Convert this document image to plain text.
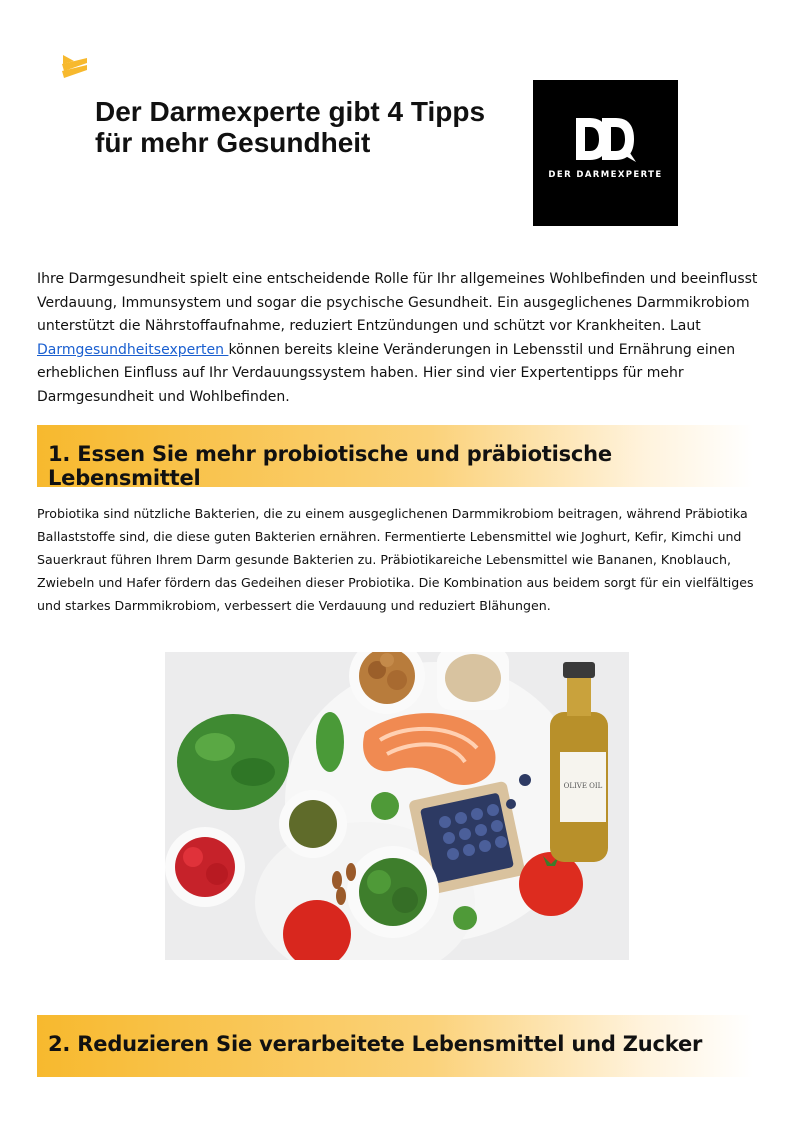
Der Darmexperte gibt 4 Tipps für mehr Gesundheit
DER DARMEXPERTE

Ihre Darmgesundheit spielt eine entscheidende Rolle für Ihr allgemeines Wohlbefinden und beeinflusst Verdauung, Immunsystem und sogar die psychische Gesundheit. Ein ausgeglichenes Darmmikrobiom unterstützt die Nährstoffaufnahme, reduziert Entzündungen und schützt vor Krankheiten. Laut Darmgesundheitsexperten können bereits kleine Veränderungen in Lebensstil und Ernährung einen erheblichen Einfluss auf Ihr Verdauungssystem haben. Hier sind vier Expertentipps für mehr Darmgesundheit und Wohlbefinden.

1. Essen Sie mehr probiotische und präbiotische Lebensmittel

Probiotika sind nützliche Bakterien, die zu einem ausgeglichenen Darmmikrobiom beitragen, während Präbiotika Ballaststoffe sind, die diese guten Bakterien ernähren. Fermentierte Lebensmittel wie Joghurt, Kefir, Kimchi und Sauerkraut führen Ihrem Darm gesunde Bakterien zu. Präbiotikareiche Lebensmittel wie Bananen, Knoblauch, Zwiebeln und Hafer fördern das Gedeihen dieser Probiotika. Die Kombination aus beidem sorgt für ein vielfältiges und starkes Darmmikrobiom, verbessert die Verdauung und reduziert Blähungen.

OLIVE OIL
2. Reduzieren Sie verarbeitete Lebensmittel und Zucker
